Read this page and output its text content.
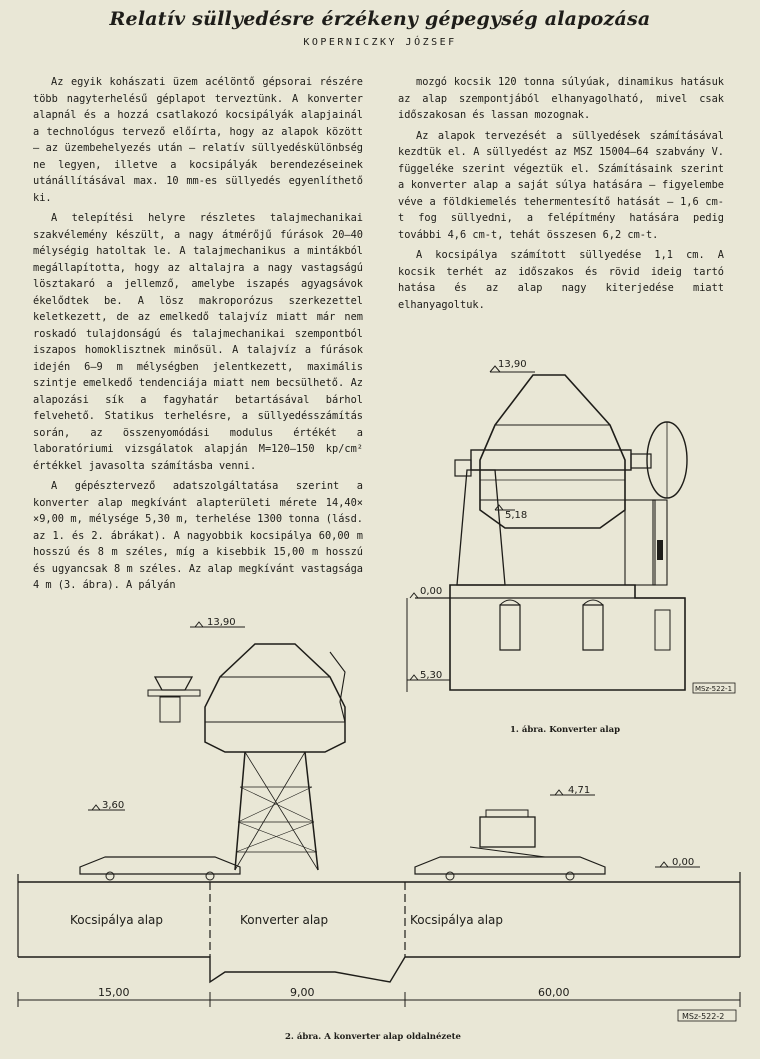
Relatív süllyedésre érzékeny gépegység alapozása
KOPERNICZKY JÓZSEF

Az egyik kohászati üzem acélöntő gépsorai részére több nagyterhelésű géplapot terveztünk. A konverter alapnál és a hozzá csatlakozó kocsipályák alapjainál a technológus tervező előírta, hogy az alapok között — az üzembehelyezés után — relatív süllyedéskülönbség ne legyen, illetve a kocsipályák berendezéseinek utánállításával max. 10 mm-es süllyedés egyenlíthető ki.

A telepítési helyre részletes talajmechanikai szakvélemény készült, a nagy átmérőjű fúrások 20—40 mélységig hatoltak le. A talajmechanikus a mintákból megállapította, hogy az altalajra a nagy vastagságú lösztakaró a jellemző, amelybe iszapés agyagsávok ékelődtek be. A lösz makroporózus szerkezettel keletkezett, de az emelkedő talajvíz miatt már nem roskadó tulajdonságú és talajmechanikai szempontból iszapos homoklisztnek minősül. A talajvíz a fúrások idején 6—9 m mélységben jelentkezett, maximális szintje emelkedő tendenciája miatt nem becsülhető. Az alapozási sík a fagyhatár betartásával bárhol felvehető. Statikus terhelésre, a süllyedésszámítás során, az összenyomódási modulus értékét a laboratóriumi vizsgálatok alapján M=120—150 kp/cm² értékkel javasolta számításba venni.

A gépésztervező adatszolgáltatása szerint a konverter alap megkívánt alapterületi mérete 14,40× ×9,00 m, mélysége 5,30 m, terhelése 1300 tonna (lásd. az 1. és 2. ábrákat). A nagyobbik kocsipálya 60,00 m hosszú és 8 m széles, míg a kisebbik 15,00 m hosszú és ugyancsak 8 m széles. Az alap megkívánt vastagsága 4 m (3. ábra). A pályán

mozgó kocsik 120 tonna súlyúak, dinamikus hatásuk az alap szempontjából elhanyagolható, mivel csak időszakosan és lassan mozognak.

Az alapok tervezését a süllyedések számításával kezdtük el. A süllyedést az MSZ 15004—64 szabvány V. függeléke szerint végeztük el. Számításaink szerint a konverter alap a saját súlya hatására — figyelembe véve a földkiemelés tehermentesítő hatását — 1,6 cm-t fog süllyedni, a felépítmény hatására pedig további 4,6 cm-t, tehát összesen 6,2 cm-t.

A kocsipálya számított süllyedése 1,1 cm. A kocsik terhét az időszakos és rövid ideig tartó hatása és az alap nagy kiterjedése miatt elhanyagoltuk.

13,90
5,18
0,00
5,30
MSz-522-1
1. ábra. Konverter alap
13,90
3,60
4,71
0,00
Kocsipálya alap	Konverter alap	Kocsipálya alap
15,00	9,00	60,00
MSz-522-2
2. ábra. A konverter alap oldalnézete
